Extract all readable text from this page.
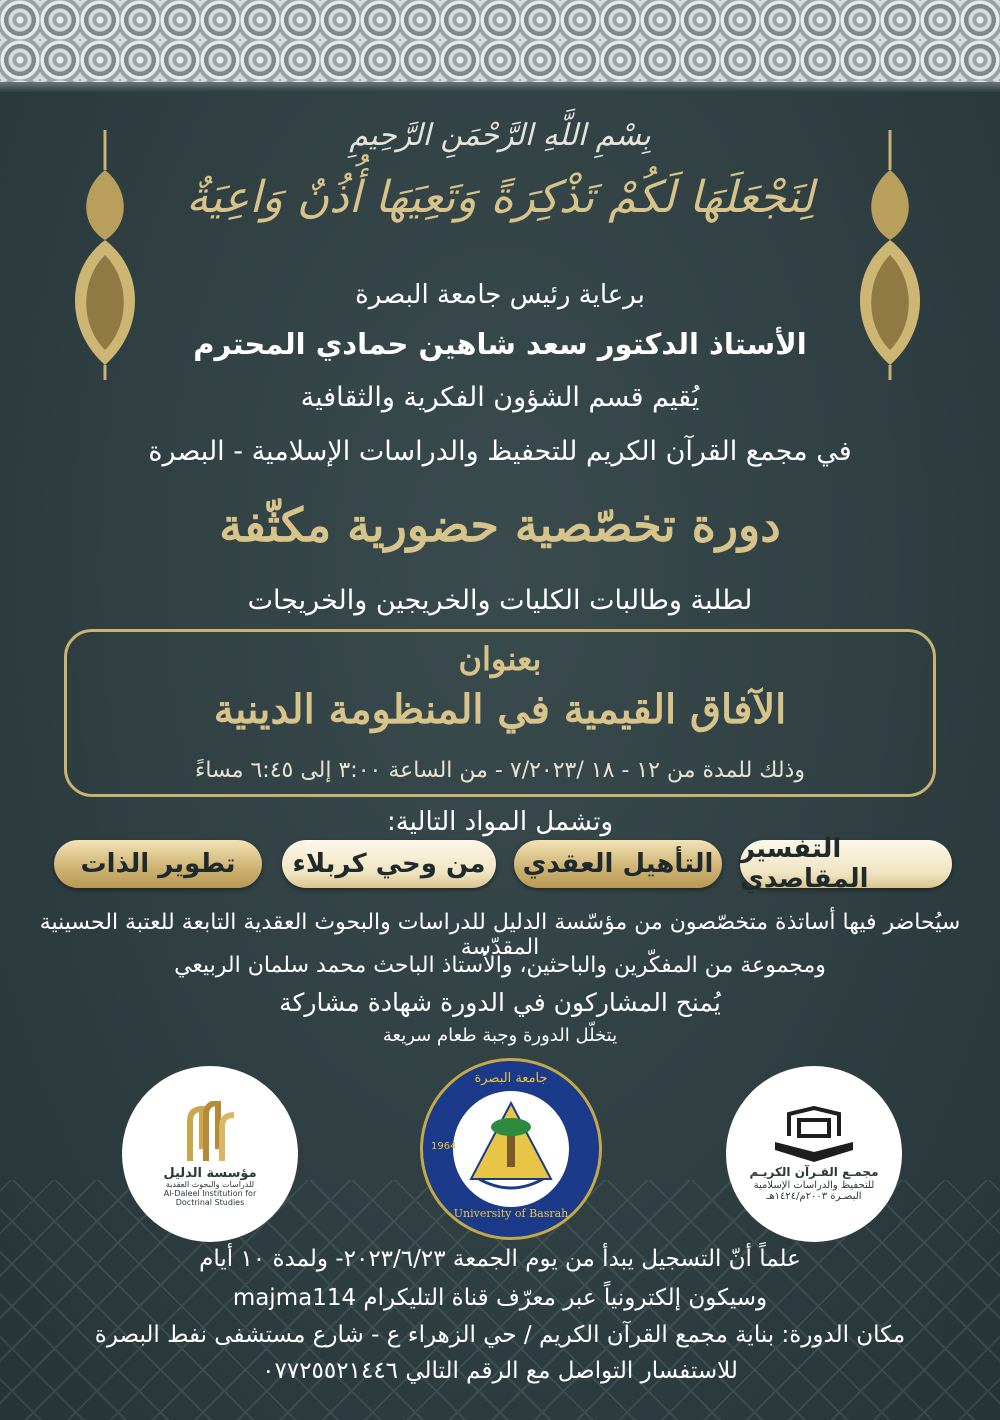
بِسْمِ اللَّهِ الرَّحْمَنِ الرَّحِيمِ
لِنَجْعَلَهَا لَكُمْ تَذْكِرَةً وَتَعِيَهَا أُذُنٌ وَاعِيَةٌ
برعاية رئيس جامعة البصرة
الأستاذ الدكتور سعد شاهين حمادي المحترم
يُقيم قسم الشؤون الفكرية والثقافية
في مجمع القرآن الكريم للتحفيظ والدراسات الإسلامية - البصرة
دورة تخصّصية حضورية مكثّفة
لطلبة وطالبات الكليات والخريجين والخريجات
بعنوان
الآفاق القيمية في المنظومة الدينية
وذلك للمدة من ١٢ - ١٨ /٧/٢٠٢٣ - من الساعة ٣:٠٠ إلى ٦:٤٥ مساءً
وتشمل المواد التالية:
التفسير المقاصدي
التأهيل العقدي
من وحي كربلاء
تطوير الذات
سيُحاضر فيها أساتذة متخصّصون من مؤسّسة الدليل للدراسات والبحوث العقدية التابعة للعتبة الحسينية المقدّسة
ومجموعة من المفكّرين والباحثين، والأستاذ الباحث محمد سلمان الربيعي
يُمنح المشاركون في الدورة شهادة مشاركة
يتخلّل الدورة وجبة طعام سريعة
مؤسسة الدليل
للدراسات والبحوث العقدية
Al-Daleel Institution for Doctrinal Studies
جامعة البصرة
University of Basrah
1964
مجمـع القـرآن الكريـم
للتحفيظ والدراسات الإسلامية
البصـرة ٢٠٠٣م/١٤٢٤هـ
علماً أنّ التسجيل يبدأ من يوم الجمعة ٢٠٢٣/٦/٢٣- ولمدة ١٠ أيام
وسيكون إلكترونياً عبر معرّف قناة التليكرام majma114
مكان الدورة: بناية مجمع القرآن الكريم / حي الزهراء ع - شارع مستشفى نفط البصرة
للاستفسار التواصل مع الرقم التالي ٠٧٧٢٥٥٢١٤٤٦
